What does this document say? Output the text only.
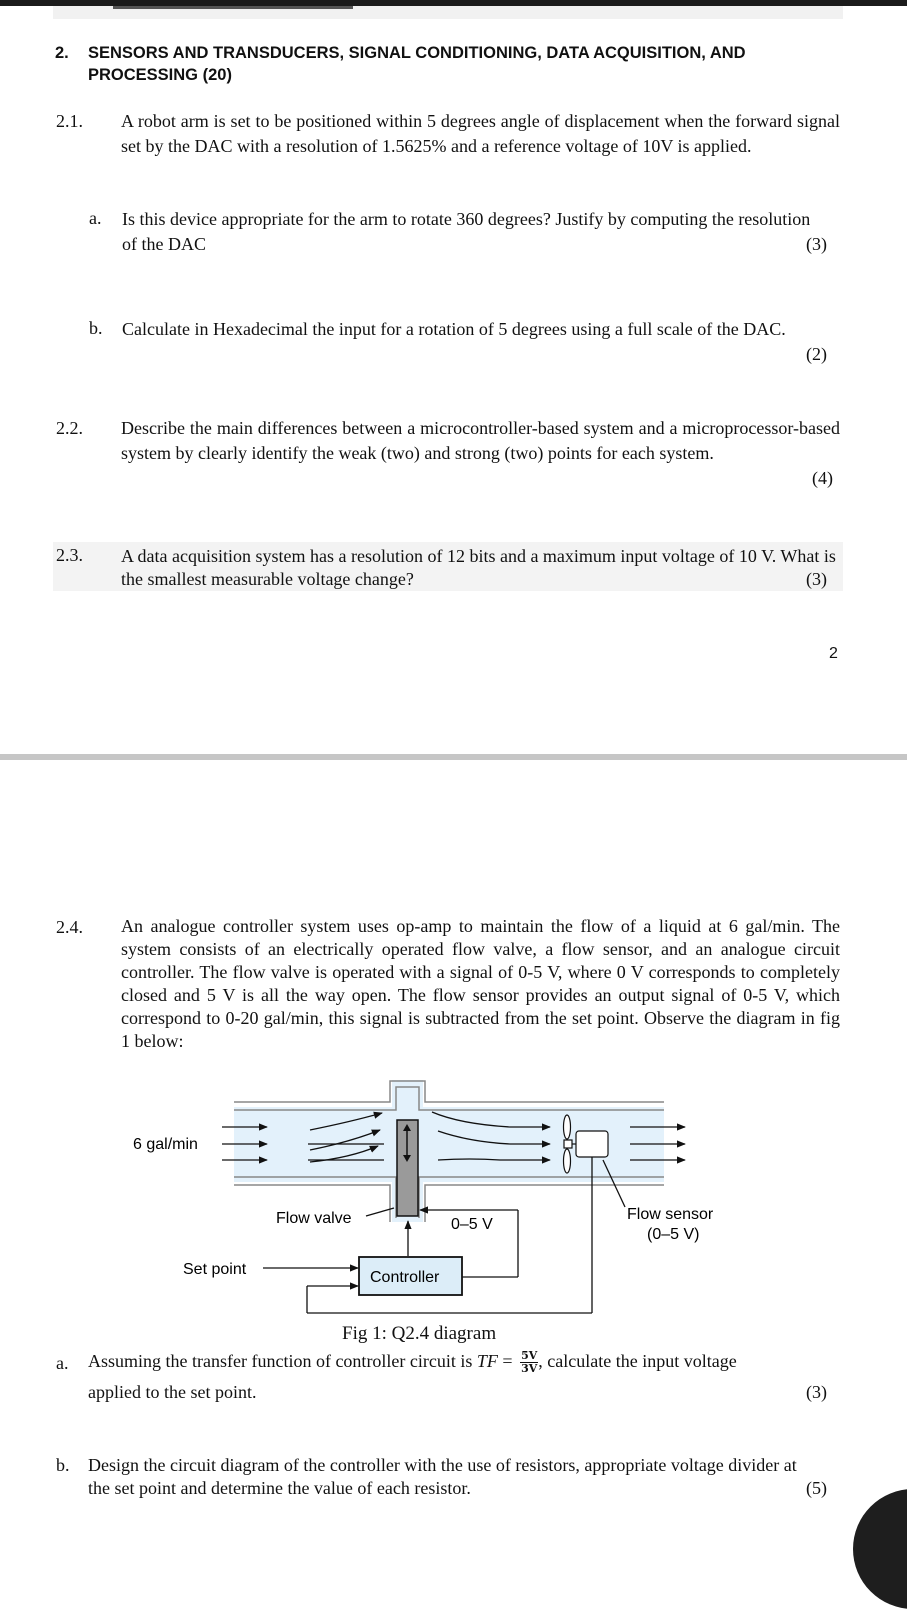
2. SENSORS AND TRANSDUCERS, SIGNAL CONDITIONING, DATA ACQUISITION, AND
PROCESSING (20)
2.1. A robot arm is set to be positioned within 5 degrees angle of displacement when the forward signal set by the DAC with a resolution of 1.5625% and a reference voltage of 10V is applied.
a. Is this device appropriate for the arm to rotate 360 degrees? Justify by computing the resolution of the DAC	(3)
b. Calculate in Hexadecimal the input for a rotation of 5 degrees using a full scale of the DAC.
(2)
2.2. Describe the main differences between a microcontroller-based system and a microprocessor-based system by clearly identify the weak (two) and strong (two) points for each system.
(4)
2.3. A data acquisition system has a resolution of 12 bits and a maximum input voltage of 10 V. What is the smallest measurable voltage change?	(3)
2
2.4. An analogue controller system uses op-amp to maintain the flow of a liquid at 6 gal/min. The system consists of an electrically operated flow valve, a flow sensor, and an analogue circuit controller. The flow valve is operated with a signal of 0-5 V, where 0 V corresponds to completely closed and 5 V is all the way open. The flow sensor provides an output signal of 0-5 V, which correspond to 0-20 gal/min, this signal is subtracted from the set point. Observe the diagram in fig 1 below:
6 gal/min
Flow valve	0–5 V
Flow sensor
(0–5 V)
Set point	Controller
Fig 1: Q2.4 diagram
a. Assuming the transfer function of controller circuit is TF = $\frac{5V}{3V}$ , calculate the input voltage
applied to the set point.	(3)
b. Design the circuit diagram of the controller with the use of resistors, appropriate voltage divider at the set point and determine the value of each resistor.	(5)
